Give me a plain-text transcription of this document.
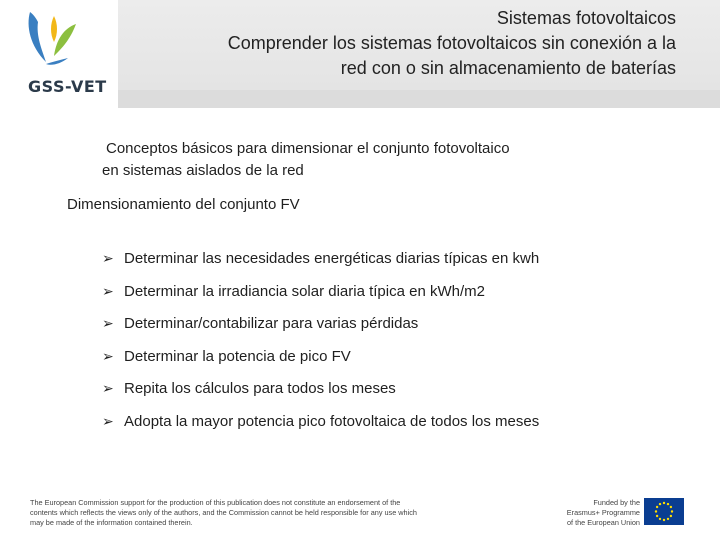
GSS-VET
Sistemas fotovoltaicos
Comprender los sistemas fotovoltaicos sin conexión a la
red con o sin almacenamiento de baterías
Conceptos básicos para dimensionar el conjunto fotovoltaico
en sistemas aislados de la red
Dimensionamiento del conjunto FV
➢ Determinar las necesidades energéticas diarias típicas en kwh
➢ Determinar la irradiancia solar diaria típica en kWh/m2
➢ Determinar/contabilizar para varias pérdidas
➢ Determinar la potencia de pico FV
➢ Repita los cálculos para todos los meses
➢ Adopta la mayor potencia pico fotovoltaica de todos los meses
The European Commission support for the production of this publication does not constitute an endorsement of the
contents which reflects the views only of the authors, and the Commission cannot be held responsible for any use which
may be made of the information contained therein.
Funded by the
Erasmus+ Programme
of the European Union
